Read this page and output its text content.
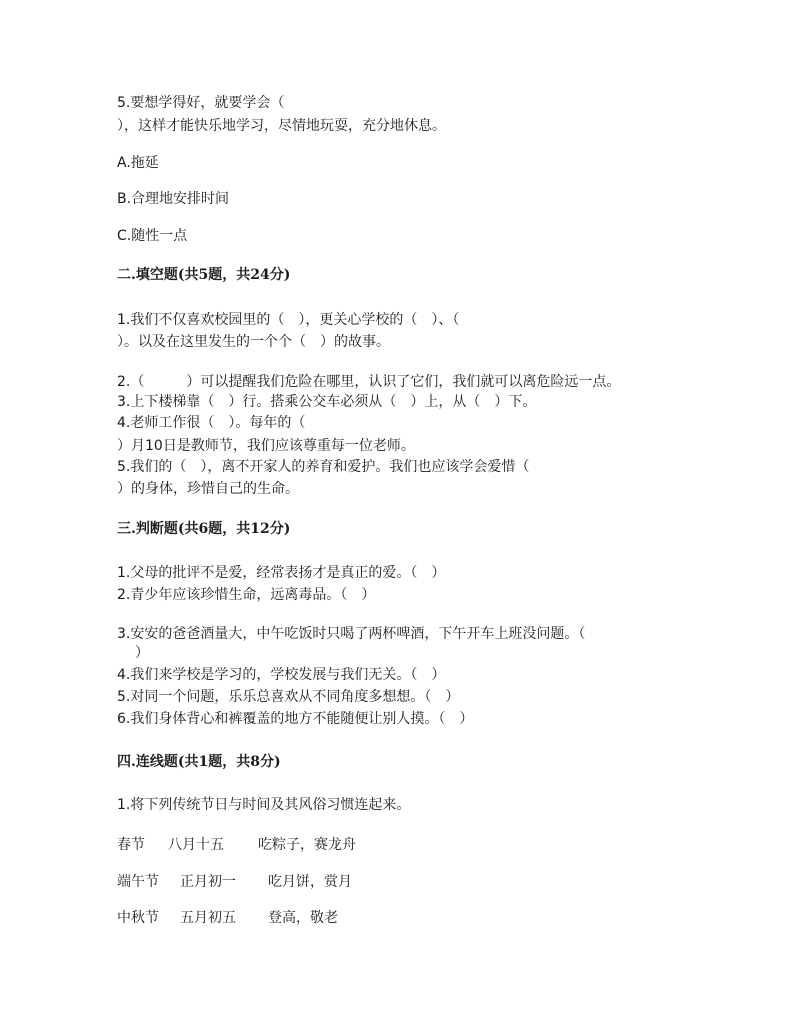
5.要想学得好，就要学会（
），这样才能快乐地学习，尽情地玩耍，充分地休息。
A.拖延
B.合理地安排时间
C.随性一点
二.填空题(共5题，共24分)
1.我们不仅喜欢校园里的（　），更关心学校的（　）、（
）。以及在这里发生的一个个（　）的故事。
2.（　　　）可以提醒我们危险在哪里，认识了它们，我们就可以离危险远一点。
3.上下楼梯靠（　）行。搭乘公交车必须从（　）上，从（　）下。
4.老师工作很（　）。每年的（
）月10日是教师节，我们应该尊重每一位老师。
5.我们的（　），离不开家人的养育和爱护。我们也应该学会爱惜（
）的身体，珍惜自己的生命。
三.判断题(共6题，共12分)
1.父母的批评不是爱，经常表扬才是真正的爱。（　）
2.青少年应该珍惜生命，远离毒品。（　）
3.安安的爸爸酒量大，中午吃饭时只喝了两杯啤酒，下午开车上班没问题。（
）
4.我们来学校是学习的，学校发展与我们无关。（　）
5.对同一个问题，乐乐总喜欢从不同角度多想想。（　）
6.我们身体背心和裤覆盖的地方不能随便让别人摸。（　）
四.连线题(共1题，共8分)
1.将下列传统节日与时间及其风俗习惯连起来。
春节 八月十五 吃粽子，赛龙舟
端午节 正月初一 吃月饼，赏月
中秋节 五月初五 登高，敬老
